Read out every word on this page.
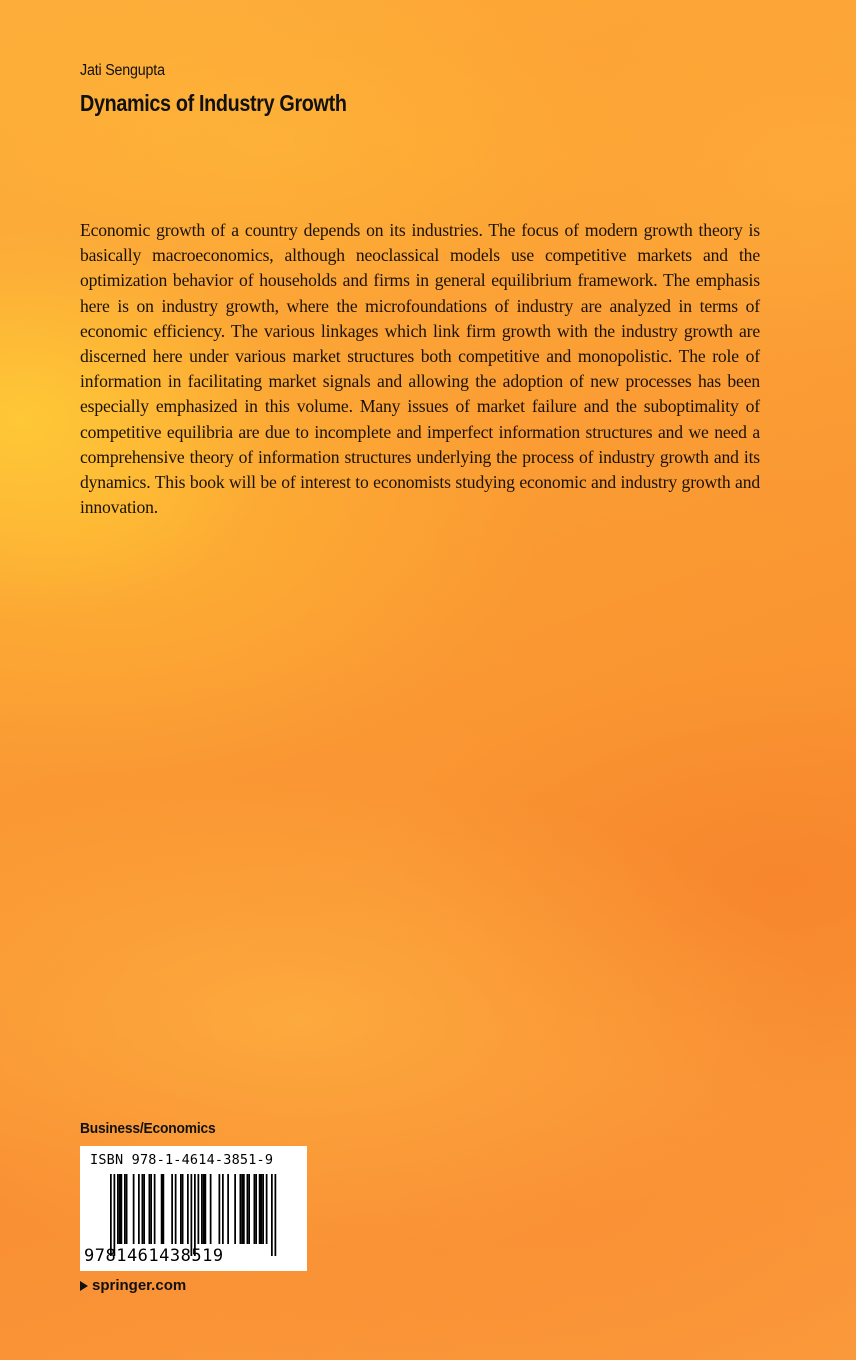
Jati Sengupta
Dynamics of Industry Growth

Economic growth of a country depends on its industries. The focus of modern growth theory is basically macroeconomics, although neoclassical models use competitive markets and the optimization behavior of households and firms in general equilibrium framework. The emphasis here is on industry growth, where the microfoundations of industry are analyzed in terms of economic efficiency. The various linkages which link firm growth with the industry growth are discerned here under various market structures both competitive and monopolistic. The role of information in facilitating market signals and allowing the adoption of new processes has been especially emphasized in this volume. Many issues of market failure and the suboptimality of competitive equilibria are due to incomplete and imperfect information structures and we need a comprehensive theory of information structures underlying the process of industry growth and its dynamics. This book will be of interest to economists studying economic and industry growth and innovation.

Business/Economics
ISBN 978-1-4614-3851-9
9781461438519
springer.com
